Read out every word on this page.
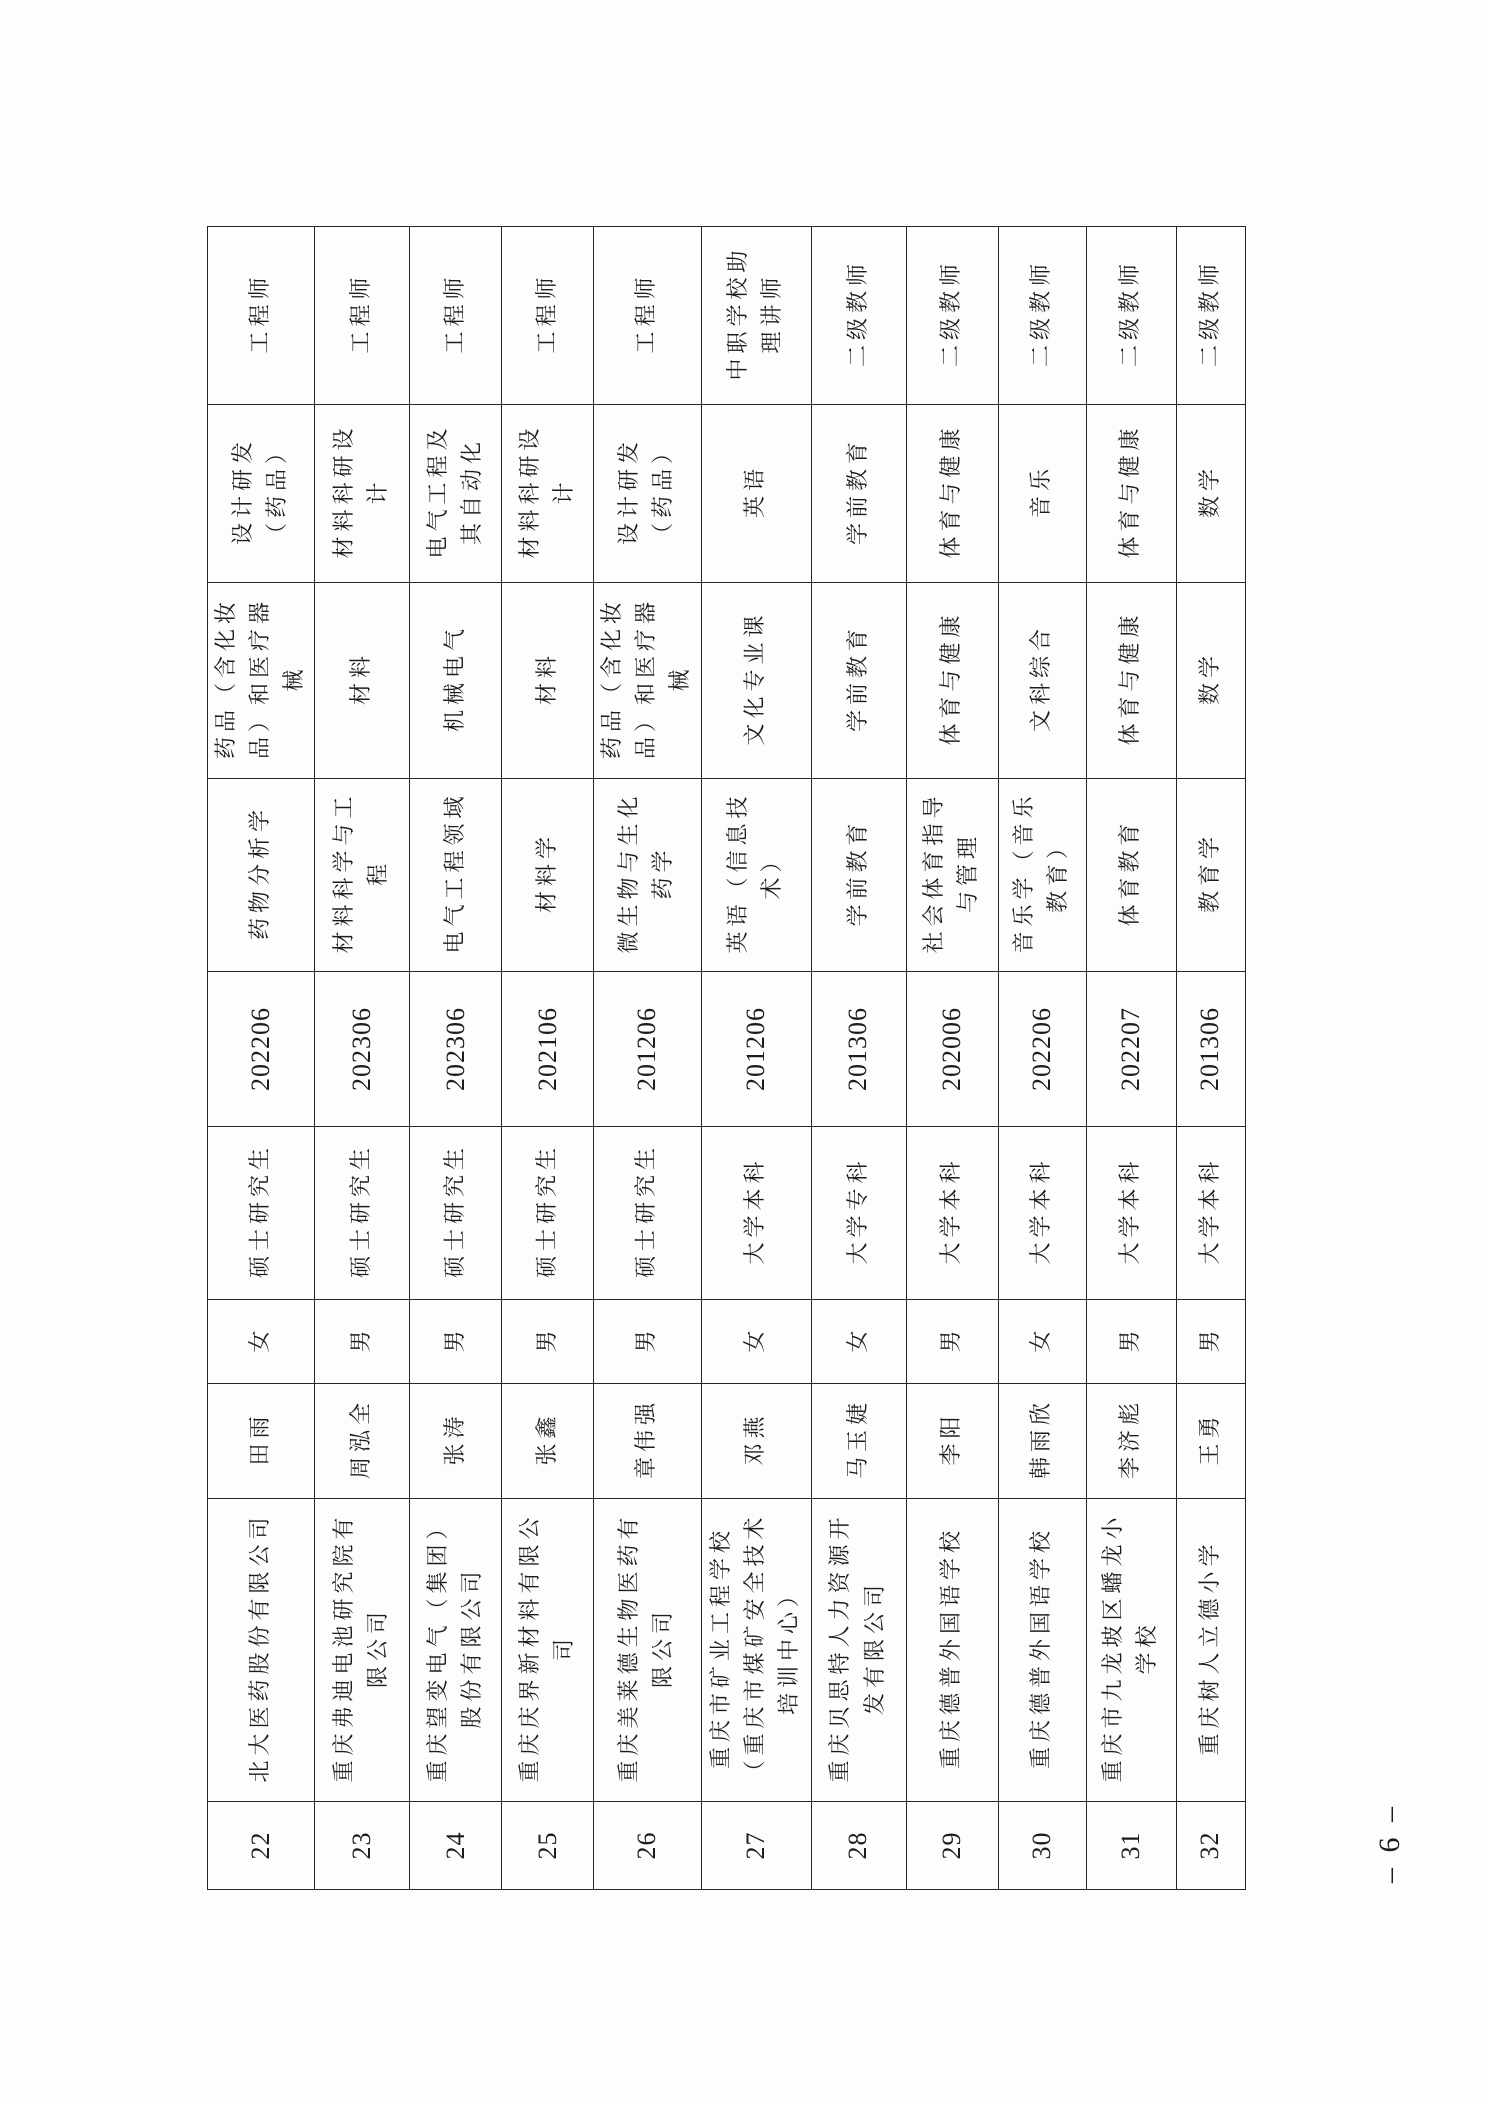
22	北大医药股份有限公司	田雨	女	硕士研究生	202206	药物分析学	药品（含化妆品）和医疗器械	设计研发（药品）	工程师
23	重庆弗迪电池研究院有限公司	周泓全	男	硕士研究生	202306	材料科学与工程	材料	材料科研设计	工程师
24	重庆望变电气（集团）股份有限公司	张涛	男	硕士研究生	202306	电气工程领域	机械电气	电气工程及其自动化	工程师
25	重庆庆界新材料有限公司	张鑫	男	硕士研究生	202106	材料学	材料	材料科研设计	工程师
26	重庆美莱德生物医药有限公司	章伟强	男	硕士研究生	201206	微生物与生化药学	药品（含化妆品）和医疗器械	设计研发（药品）	工程师
27	重庆市矿业工程学校（重庆市煤矿安全技术培训中心）	邓燕	女	大学本科	201206	英语（信息技术）	文化专业课	英语	中职学校助理讲师
28	重庆贝思特人力资源开发有限公司	马玉婕	女	大学专科	201306	学前教育	学前教育	学前教育	二级教师
29	重庆德普外国语学校	李阳	男	大学本科	202006	社会体育指导与管理	体育与健康	体育与健康	二级教师
30	重庆德普外国语学校	韩雨欣	女	大学本科	202206	音乐学（音乐教育）	文科综合	音乐	二级教师
31	重庆市九龙坡区蟠龙小学校	李济彪	男	大学本科	202207	体育教育	体育与健康	体育与健康	二级教师
32	重庆树人立德小学	王勇	男	大学本科	201306	教育学	数学	数学	二级教师
– 6 –
